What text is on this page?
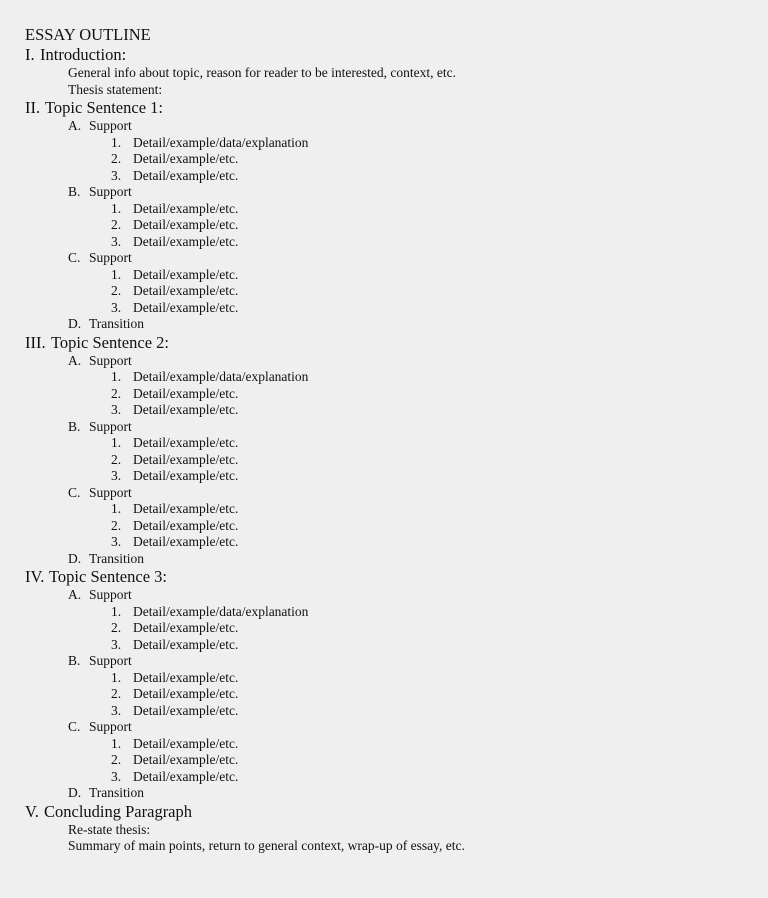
ESSAY OUTLINE
I. Introduction:
General info about topic, reason for reader to be interested, context, etc.
Thesis statement:
II. Topic Sentence 1:
A. Support
1. Detail/example/data/explanation
2. Detail/example/etc.
3. Detail/example/etc.
B. Support
1. Detail/example/etc.
2. Detail/example/etc.
3. Detail/example/etc.
C. Support
1. Detail/example/etc.
2. Detail/example/etc.
3. Detail/example/etc.
D. Transition
III. Topic Sentence 2:
A. Support
1. Detail/example/data/explanation
2. Detail/example/etc.
3. Detail/example/etc.
B. Support
1. Detail/example/etc.
2. Detail/example/etc.
3. Detail/example/etc.
C. Support
1. Detail/example/etc.
2. Detail/example/etc.
3. Detail/example/etc.
D. Transition
IV. Topic Sentence 3:
A. Support
1. Detail/example/data/explanation
2. Detail/example/etc.
3. Detail/example/etc.
B. Support
1. Detail/example/etc.
2. Detail/example/etc.
3. Detail/example/etc.
C. Support
1. Detail/example/etc.
2. Detail/example/etc.
3. Detail/example/etc.
D. Transition
V. Concluding Paragraph
Re-state thesis:
Summary of main points, return to general context, wrap-up of essay, etc.
